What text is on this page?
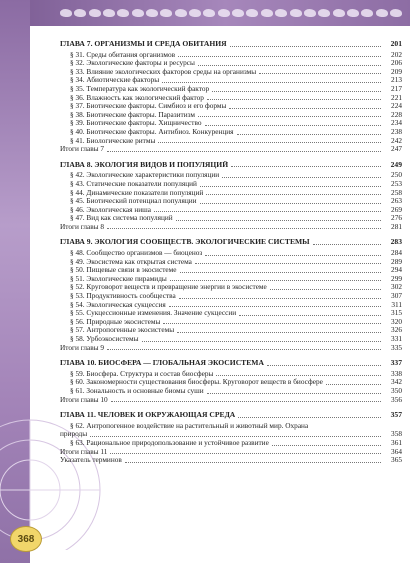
368
ГЛАВА 7. ОРГАНИЗМЫ И СРЕДА ОБИТАНИЯ	201
§ 31. Среды обитания организмов	202
§ 32. Экологические факторы и ресурсы	206
§ 33. Влияние экологических факторов среды на организмы	209
§ 34. Абиотические факторы	213
§ 35. Температура как экологический фактор	217
§ 36. Влажность как экологический фактор	221
§ 37. Биотические факторы. Симбиоз и его формы	224
§ 38. Биотические факторы. Паразитизм	228
§ 39. Биотические факторы. Хищничество	234
§ 40. Биотические факторы. Антибиоз. Конкуренция	238
§ 41. Биологические ритмы	242
Итоги главы 7	247
ГЛАВА 8. ЭКОЛОГИЯ ВИДОВ И ПОПУЛЯЦИЙ	249
§ 42. Экологические характеристики популяции	250
§ 43. Статические показатели популяций	253
§ 44. Динамические показатели популяций	258
§ 45. Биотический потенциал популяции	263
§ 46. Экологическая ниша	269
§ 47. Вид как система популяций	276
Итоги главы 8	281
ГЛАВА 9. ЭКОЛОГИЯ СООБЩЕСТВ. ЭКОЛОГИЧЕСКИЕ СИСТЕМЫ	283
§ 48. Сообщество организмов — биоценоз	284
§ 49. Экосистема как открытая система	289
§ 50. Пищевые связи в экосистеме	294
§ 51. Экологические пирамиды	299
§ 52. Круговорот веществ и превращение энергии в экосистеме	302
§ 53. Продуктивность сообщества	307
§ 54. Экологическая сукцессия	311
§ 55. Сукцессионные изменения. Значение сукцессии	315
§ 56. Природные экосистемы	320
§ 57. Антропогенные экосистемы	326
§ 58. Урбоэкосистемы	331
Итоги главы 9	335
ГЛАВА 10. БИОСФЕРА — ГЛОБАЛЬНАЯ ЭКОСИСТЕМА	337
§ 59. Биосфера. Структура и состав биосферы	338
§ 60. Закономерности существования биосферы. Круговорот веществ в биосфере	342
§ 61. Зональность и основные биомы суши	350
Итоги главы 10	356
ГЛАВА 11. ЧЕЛОВЕК И ОКРУЖАЮЩАЯ СРЕДА	357
§ 62. Антропогенное воздействие на растительный и животный мир. Охрана
природы	358
§ 63. Рациональное природопользование и устойчивое развитие	361
Итоги главы 11	364
Указатель терминов	365
